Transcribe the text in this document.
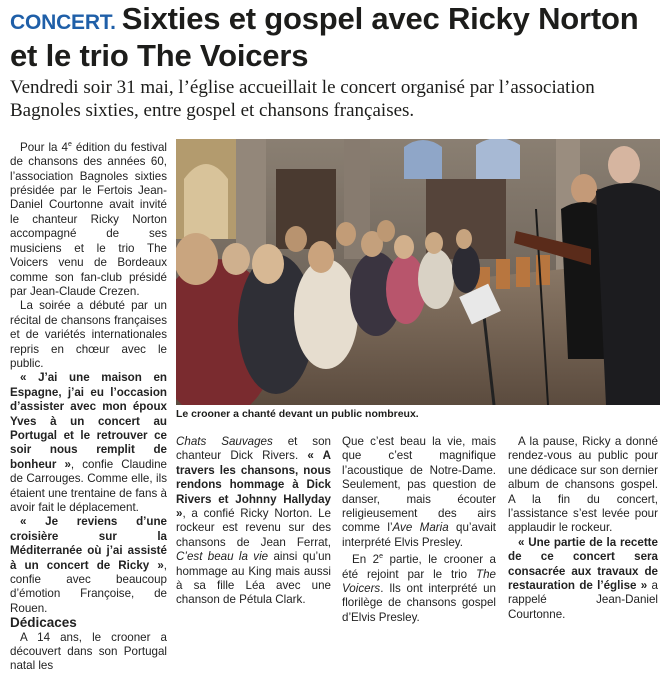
CONCERT. Sixties et gospel avec Ricky Norton et le trio The Voicers
Vendredi soir 31 mai, l’église accueillait le concert organisé par l’association Bagnoles sixties, entre gospel et chansons françaises.

Pour la 4e édition du festival de chansons des années 60, l’association Bagnoles sixties présidée par le Fertois Jean-Daniel Courtonne avait invité le chanteur Ricky Norton accompagné de ses musiciens et le trio The Voicers venu de Bordeaux comme son fan-club présidé par Jean-Claude Crezen.

La soirée a débuté par un récital de chansons françaises et de variétés internationales repris en chœur avec le public.

« J’ai une maison en Espagne, j’ai eu l’occasion d’assister avec mon époux Yves à un concert au Portugal et le retrouver ce soir nous remplit de bonheur », confie Claudine de Carrouges. Comme elle, ils étaient une trentaine de fans à avoir fait le déplacement.

« Je reviens d’une croisière sur la Méditerranée où j’ai assisté à un concert de Ricky », confie avec beaucoup d’émotion Françoise, de Rouen.

Dédicaces

A 14 ans, le crooner a découvert dans son Portugal natal les

Le crooner a chanté devant un public nombreux.

Chats Sauvages et son chanteur Dick Rivers. « A travers les chansons, nous rendons hommage à Dick Rivers et Johnny Hallyday », a confié Ricky Norton. Le rockeur est revenu sur des chansons de Jean Ferrat, C’est beau la vie ainsi qu’un hommage au King mais aussi à sa fille Léa avec une chanson de Pétula Clark.

Que c’est beau la vie, mais que c’est magnifique l’acoustique de Notre-Dame. Seulement, pas question de danser, mais écouter religieusement des airs comme l’Ave Maria qu’avait interprété Elvis Presley.

En 2e partie, le crooner a été rejoint par le trio The Voicers. Ils ont interprété un florilège de chansons gospel d’Elvis Presley.

A la pause, Ricky a donné rendez-vous au public pour une dédicace sur son dernier album de chansons gospel. A la fin du concert, l’assistance s’est levée pour applaudir le rockeur.

« Une partie de la recette de ce concert sera consacrée aux travaux de restauration de l’église » a rappelé Jean-Daniel Courtonne.
